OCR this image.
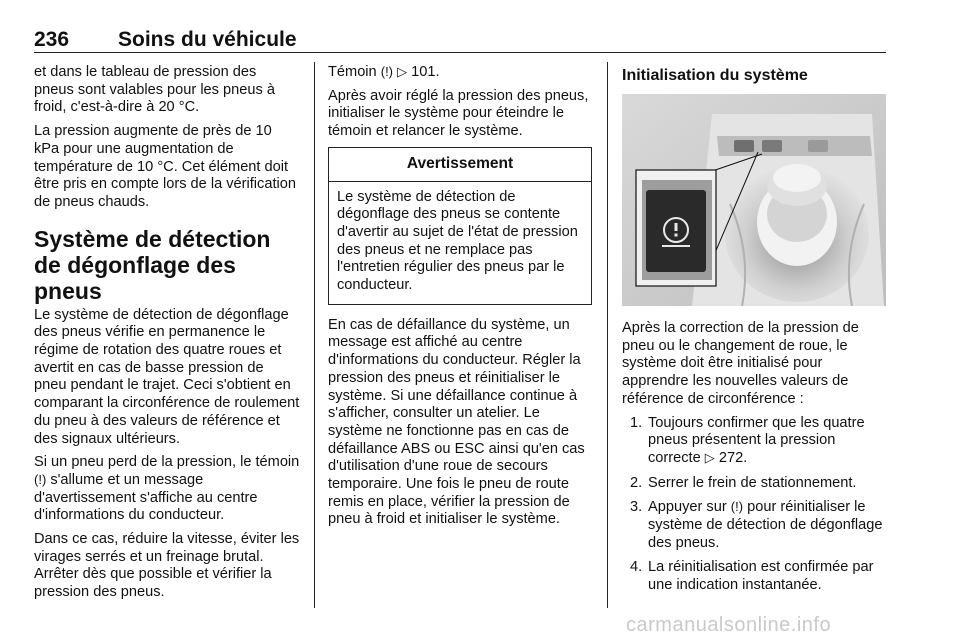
236 Soins du véhicule

et dans le tableau de pression des pneus sont valables pour les pneus à froid, c'est-à-dire à 20 °C.

La pression augmente de près de 10 kPa pour une augmentation de température de 10 °C. Cet élément doit être pris en compte lors de la vérification de pneus chauds.

Système de détection de dégonflage des pneus

Le système de détection de dégonflage des pneus vérifie en permanence le régime de rotation des quatre roues et avertit en cas de basse pression de pneu pendant le trajet. Ceci s'obtient en comparant la circonférence de roulement du pneu à des valeurs de référence et des signaux ultérieurs.

Si un pneu perd de la pression, le témoin (!) s'allume et un message d'avertissement s'affiche au centre d'informations du conducteur.

Dans ce cas, réduire la vitesse, éviter les virages serrés et un freinage brutal. Arrêter dès que possible et vérifier la pression des pneus.

Témoin (!) ▷ 101.

Après avoir réglé la pression des pneus, initialiser le système pour éteindre le témoin et relancer le système.

Avertissement
Le système de détection de dégonflage des pneus se contente d'avertir au sujet de l'état de pression des pneus et ne remplace pas l'entretien régulier des pneus par le conducteur.

En cas de défaillance du système, un message est affiché au centre d'informations du conducteur. Régler la pression des pneus et réinitialiser le système. Si une défaillance continue à s'afficher, consulter un atelier. Le système ne fonctionne pas en cas de défaillance ABS ou ESC ainsi qu'en cas d'utilisation d'une roue de secours temporaire. Une fois le pneu de route remis en place, vérifier la pression de pneu à froid et initialiser le système.

Initialisation du système

Après la correction de la pression de pneu ou le changement de roue, le système doit être initialisé pour apprendre les nouvelles valeurs de référence de circonférence :

1. Toujours confirmer que les quatre pneus présentent la pression correcte ▷ 272.
2. Serrer le frein de stationnement.
3. Appuyer sur (!) pour réinitialiser le système de détection de dégonflage des pneus.
4. La réinitialisation est confirmée par une indication instantanée.
carmanualsonline.info
